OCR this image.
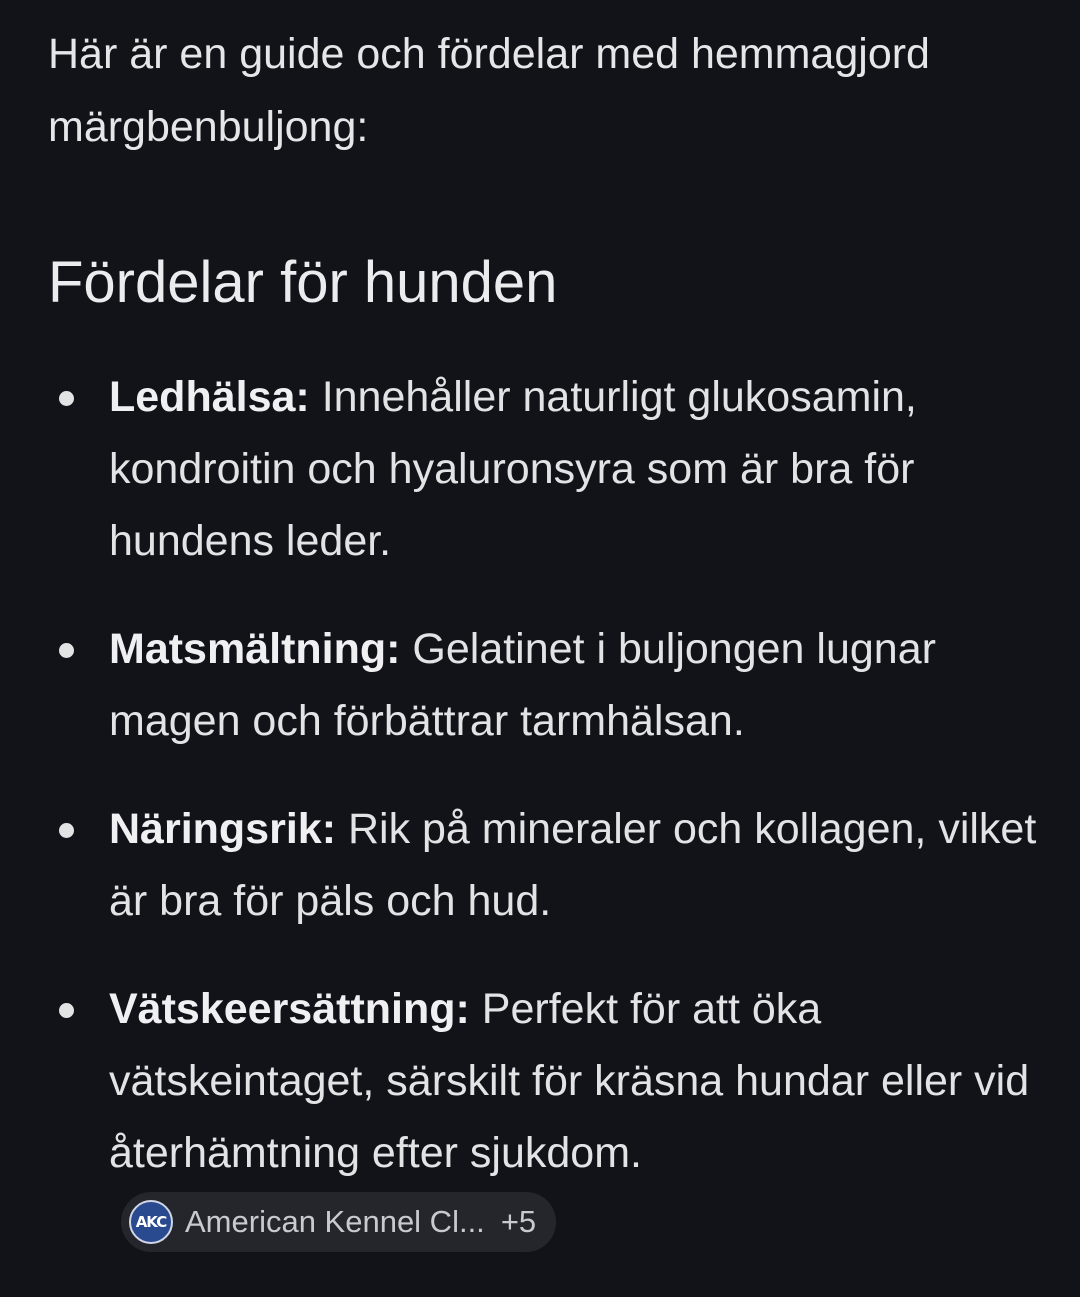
Här är en guide och fördelar med hemmagjord märgbenbuljong:

Fördelar för hunden
Ledhälsa: Innehåller naturligt glukosamin, kondroitin och hyaluronsyra som är bra för hundens leder.
Matsmältning: Gelatinet i buljongen lugnar magen och förbättrar tarmhälsan.
Näringsrik: Rik på mineraler och kollagen, vilket är bra för päls och hud.
Vätskeersättning: Perfekt för att öka vätskeintaget, särskilt för kräsna hundar eller vid återhämtning efter sjukdom.
AKC American Kennel Cl... +5
